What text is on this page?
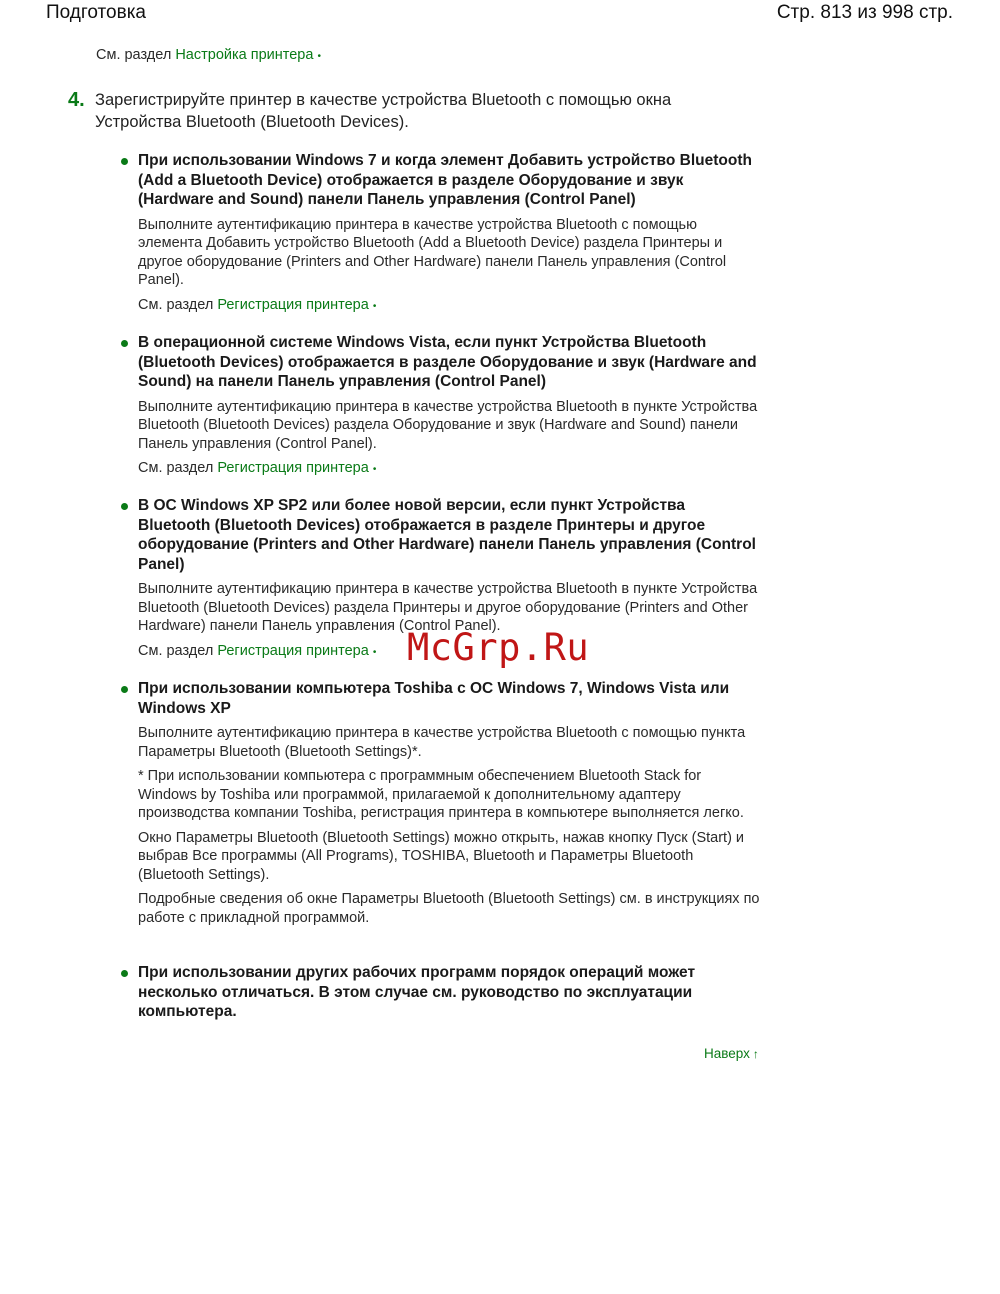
Подготовка	Стр. 813 из 998 стр.
См. раздел Настройка принтера •
4. Зарегистрируйте принтер в качестве устройства Bluetooth с помощью окна Устройства Bluetooth (Bluetooth Devices).
При использовании Windows 7 и когда элемент Добавить устройство Bluetooth (Add a Bluetooth Device) отображается в разделе Оборудование и звук (Hardware and Sound) панели Панель управления (Control Panel)
Выполните аутентификацию принтера в качестве устройства Bluetooth с помощью элемента Добавить устройство Bluetooth (Add a Bluetooth Device) раздела Принтеры и другое оборудование (Printers and Other Hardware) панели Панель управления (Control Panel).
См. раздел Регистрация принтера •
В операционной системе Windows Vista, если пункт Устройства Bluetooth (Bluetooth Devices) отображается в разделе Оборудование и звук (Hardware and Sound) на панели Панель управления (Control Panel)
Выполните аутентификацию принтера в качестве устройства Bluetooth в пункте Устройства Bluetooth (Bluetooth Devices) раздела Оборудование и звук (Hardware and Sound) панели Панель управления (Control Panel).
См. раздел Регистрация принтера •
В ОС Windows XP SP2 или более новой версии, если пункт Устройства Bluetooth (Bluetooth Devices) отображается в разделе Принтеры и другое оборудование (Printers and Other Hardware) панели Панель управления (Control Panel)
Выполните аутентификацию принтера в качестве устройства Bluetooth в пункте Устройства Bluetooth (Bluetooth Devices) раздела Принтеры и другое оборудование (Printers and Other Hardware) панели Панель управления (Control Panel).
См. раздел Регистрация принтера •
При использовании компьютера Toshiba с ОС Windows 7, Windows Vista или Windows XP
Выполните аутентификацию принтера в качестве устройства Bluetooth с помощью пункта Параметры Bluetooth (Bluetooth Settings)*.
* При использовании компьютера с программным обеспечением Bluetooth Stack for Windows by Toshiba или программой, прилагаемой к дополнительному адаптеру производства компании Toshiba, регистрация принтера в компьютере выполняется легко.
Окно Параметры Bluetooth (Bluetooth Settings) можно открыть, нажав кнопку Пуск (Start) и выбрав Все программы (All Programs), TOSHIBA, Bluetooth и Параметры Bluetooth (Bluetooth Settings).
Подробные сведения об окне Параметры Bluetooth (Bluetooth Settings) см. в инструкциях по работе с прикладной программой.
При использовании других рабочих программ порядок операций может несколько отличаться. В этом случае см. руководство по эксплуатации компьютера.
McGrp.Ru
Наверх ↑
